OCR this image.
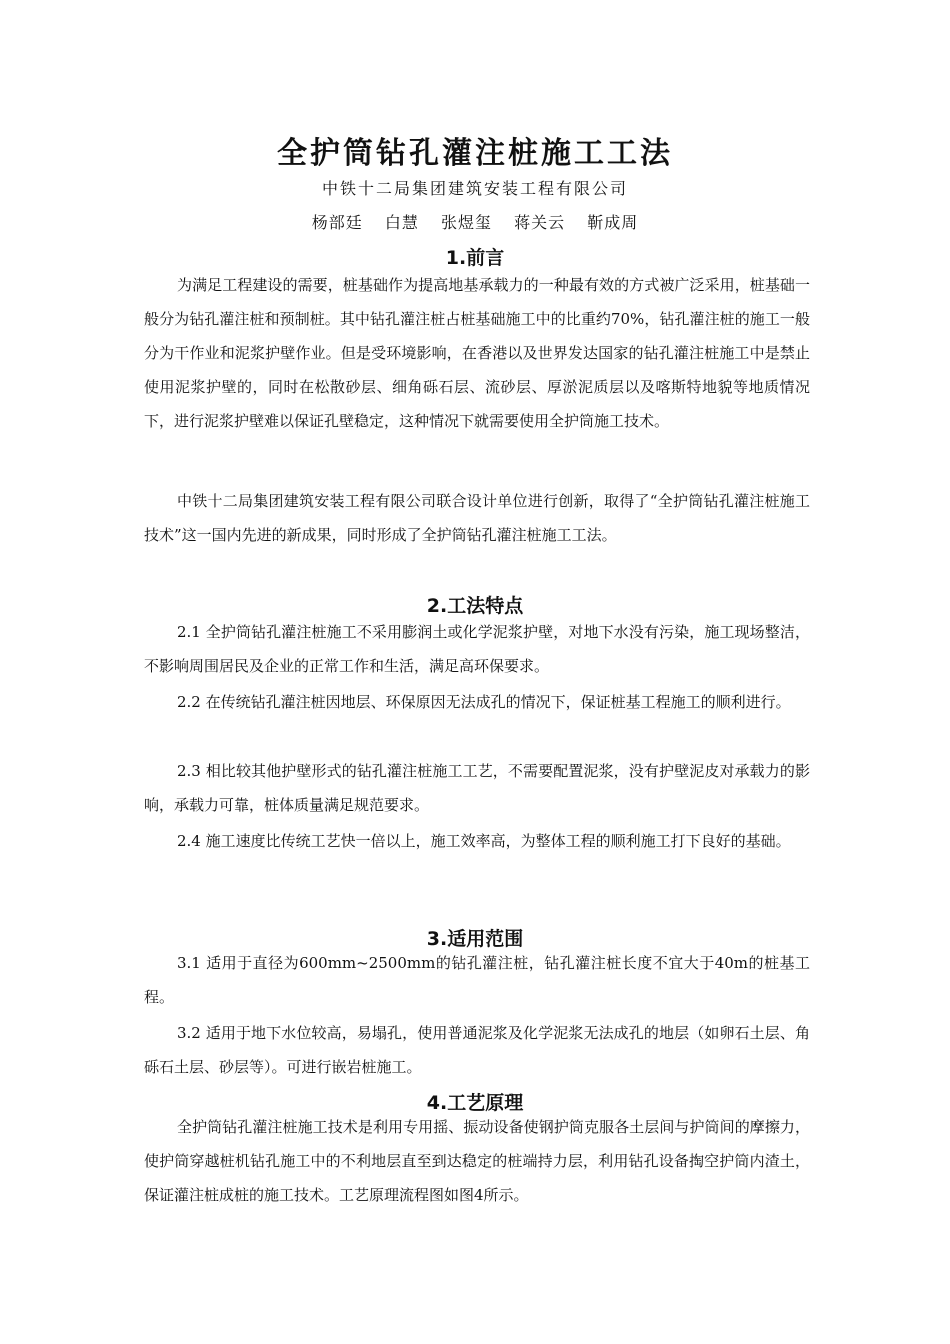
全护筒钻孔灌注桩施工工法
中铁十二局集团建筑安装工程有限公司
杨部廷 白慧 张煜玺 蒋关云 靳成周
1.前言
为满足工程建设的需要，桩基础作为提高地基承载力的一种最有效的方式被广泛采用，桩基础一般分为钻孔灌注桩和预制桩。其中钻孔灌注桩占桩基础施工中的比重约70%，钻孔灌注桩的施工一般分为干作业和泥浆护壁作业。但是受环境影响，在香港以及世界发达国家的钻孔灌注桩施工中是禁止使用泥浆护壁的，同时在松散砂层、细角砾石层、流砂层、厚淤泥质层以及喀斯特地貌等地质情况下，进行泥浆护壁难以保证孔壁稳定，这种情况下就需要使用全护筒施工技术。
中铁十二局集团建筑安装工程有限公司联合设计单位进行创新，取得了“全护筒钻孔灌注桩施工技术”这一国内先进的新成果，同时形成了全护筒钻孔灌注桩施工工法。
2.工法特点
2.1 全护筒钻孔灌注桩施工不采用膨润土或化学泥浆护壁，对地下水没有污染，施工现场整洁，不影响周围居民及企业的正常工作和生活，满足高环保要求。
2.2 在传统钻孔灌注桩因地层、环保原因无法成孔的情况下，保证桩基工程施工的顺利进行。
2.3 相比较其他护壁形式的钻孔灌注桩施工工艺，不需要配置泥浆，没有护壁泥皮对承载力的影响，承载力可靠，桩体质量满足规范要求。
2.4 施工速度比传统工艺快一倍以上，施工效率高，为整体工程的顺利施工打下良好的基础。
3.适用范围
3.1 适用于直径为600mm~2500mm的钻孔灌注桩，钻孔灌注桩长度不宜大于40m的桩基工程。
3.2 适用于地下水位较高，易塌孔，使用普通泥浆及化学泥浆无法成孔的地层（如卵石土层、角砾石土层、砂层等）。可进行嵌岩桩施工。
4.工艺原理
全护筒钻孔灌注桩施工技术是利用专用摇、振动设备使钢护筒克服各土层间与护筒间的摩擦力，使护筒穿越桩机钻孔施工中的不利地层直至到达稳定的桩端持力层，利用钻孔设备掏空护筒内渣土，保证灌注桩成桩的施工技术。工艺原理流程图如图4所示。
